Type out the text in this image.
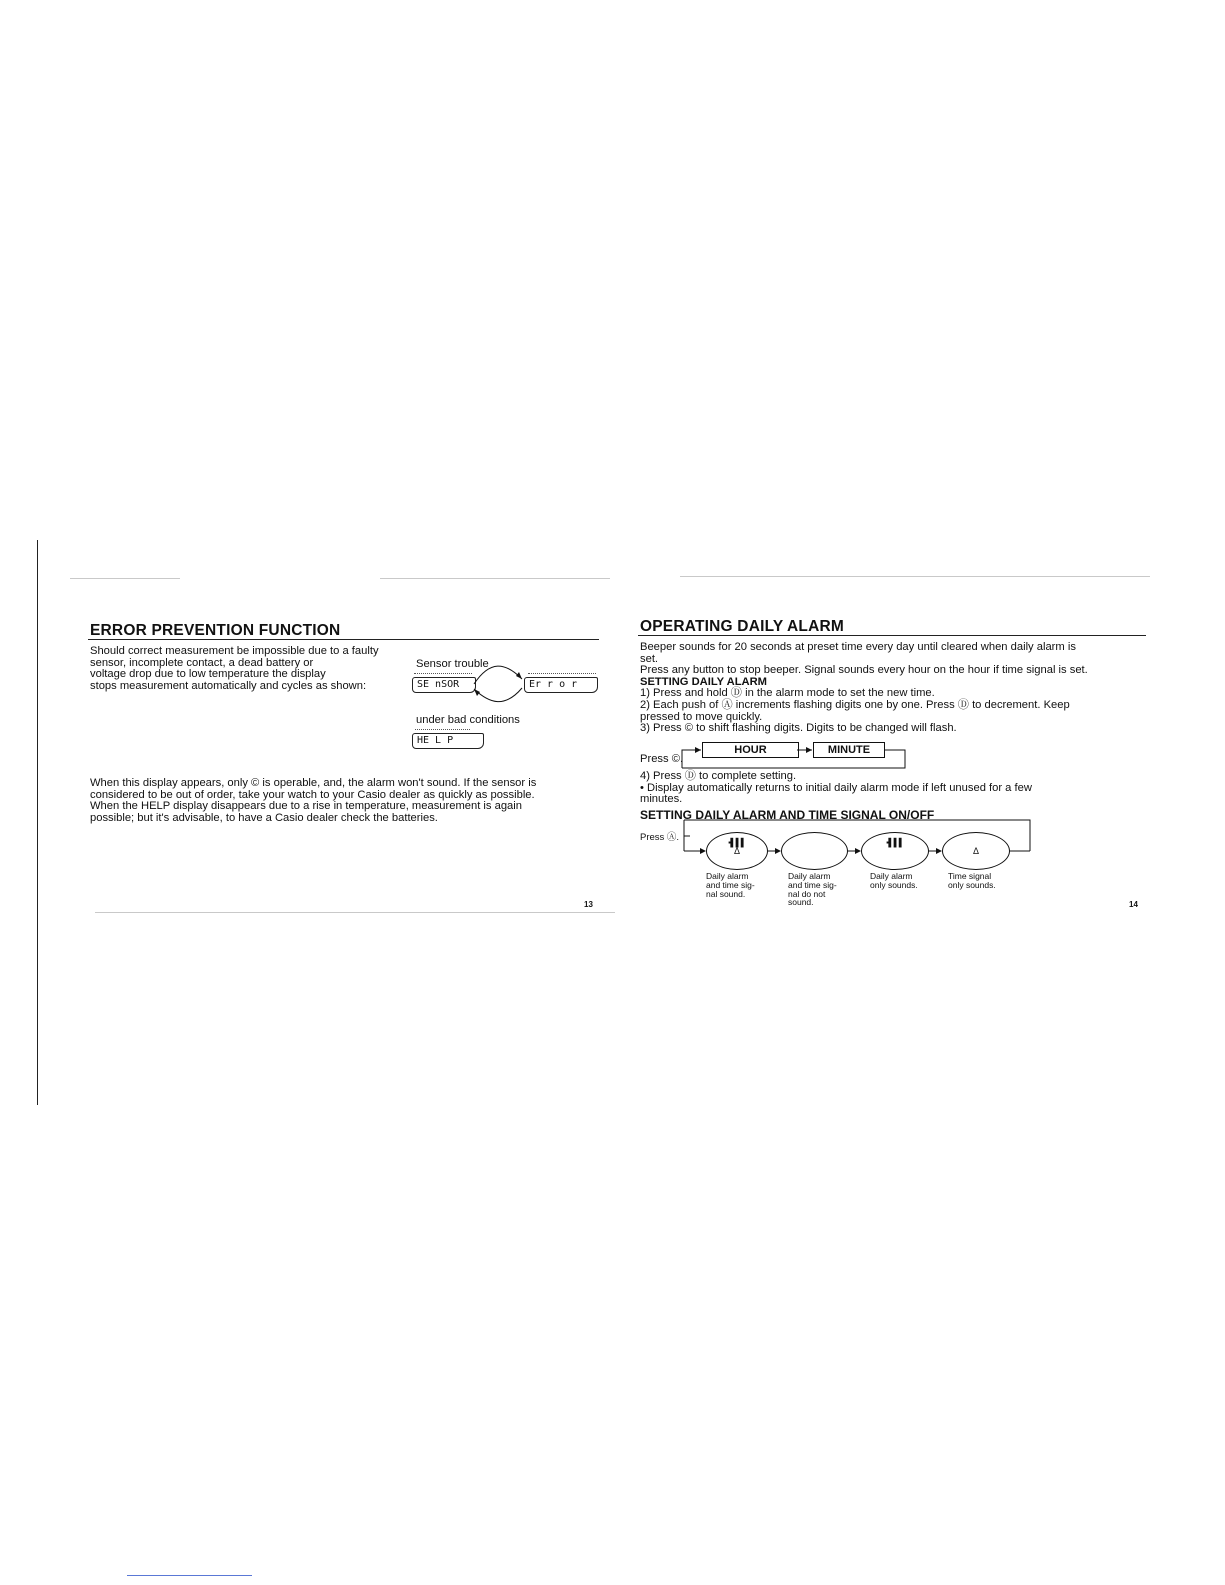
ERROR PREVENTION FUNCTION

Should correct measurement be impossible due to a faulty

sensor, incomplete contact, a dead battery or

voltage drop due to low temperature the display

stops measurement automatically and cycles as shown:

Sensor trouble
SE nSOR	Er r o r
under bad conditions
HE L P

When this display appears, only © is operable, and, the alarm won't sound. If the sensor is

considered to be out of order, take your watch to your Casio dealer as quickly as possible.

When the HELP display disappears due to a rise in temperature, measurement is again

possible; but it's advisable, to have a Casio dealer check the batteries.

13
OPERATING DAILY ALARM

Beeper sounds for 20 seconds at preset time every day until cleared when daily alarm is

set.

Press any button to stop beeper. Signal sounds every hour on the hour if time signal is set.

SETTING DAILY ALARM

1) Press and hold Ⓓ in the alarm mode to set the new time.

2) Each push of Ⓐ increments flashing digits one by one. Press Ⓓ to decrement. Keep

pressed to move quickly.

3) Press © to shift flashing digits. Digits to be changed will flash.

Press ©.
HOUR	MINUTE

4) Press Ⓓ to complete setting.

• Display automatically returns to initial daily alarm mode if left unused for a few

minutes.

SETTING DAILY ALARM AND TIME SIGNAL ON/OFF
Press Ⓐ.	▪▌▌▌
Δ
▪▌▌▌
Δ
Daily alarm
and time sig-
nal sound.
Daily alarm
and time sig-
nal do not
sound.
Daily alarm
only sounds.
Time signal
only sounds.
14
